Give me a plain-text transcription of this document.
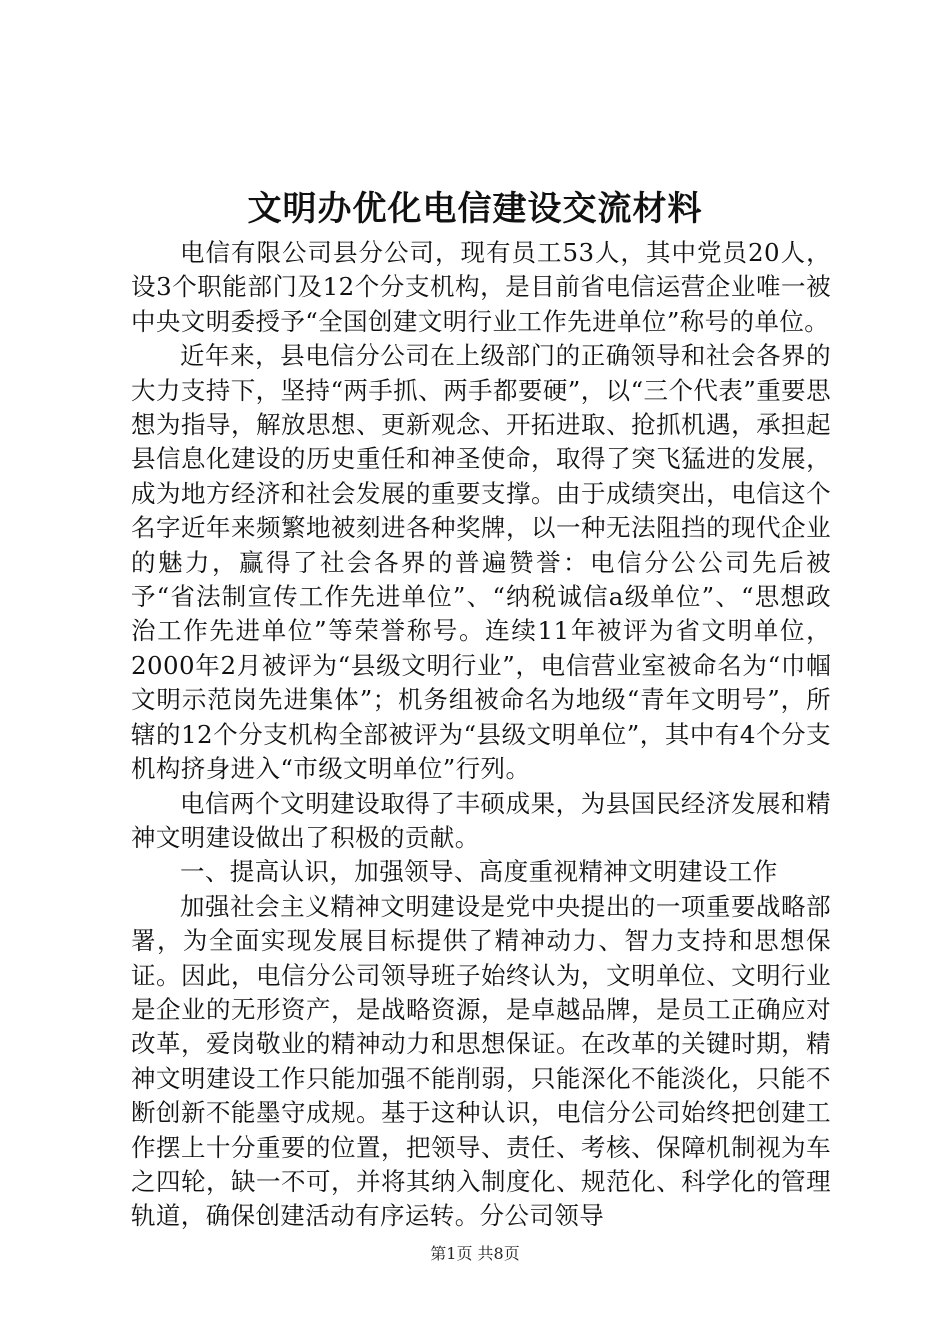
文明办优化电信建设交流材料

电信有限公司县分公司，现有员工53人，其中党员20人，设3个职能部门及12个分支机构，是目前省电信运营企业唯一被中央文明委授予“全国创建文明行业工作先进单位”称号的单位。

近年来，县电信分公司在上级部门的正确领导和社会各界的大力支持下，坚持“两手抓、两手都要硬”，以“三个代表”重要思想为指导，解放思想、更新观念、开拓进取、抢抓机遇，承担起县信息化建设的历史重任和神圣使命，取得了突飞猛进的发展，成为地方经济和社会发展的重要支撑。由于成绩突出，电信这个名字近年来频繁地被刻进各种奖牌，以一种无法阻挡的现代企业的魅力，赢得了社会各界的普遍赞誉：电信分公公司先后被予“省法制宣传工作先进单位”、“纳税诚信a级单位”、“思想政治工作先进单位”等荣誉称号。连续11年被评为省文明单位，2000年2月被评为“县级文明行业”，电信营业室被命名为“巾帼文明示范岗先进集体”；机务组被命名为地级“青年文明号”，所辖的12个分支机构全部被评为“县级文明单位”，其中有4个分支机构挤身进入“市级文明单位”行列。

电信两个文明建设取得了丰硕成果，为县国民经济发展和精神文明建设做出了积极的贡献。

一、提高认识，加强领导、高度重视精神文明建设工作

加强社会主义精神文明建设是党中央提出的一项重要战略部署，为全面实现发展目标提供了精神动力、智力支持和思想保证。因此，电信分公司领导班子始终认为，文明单位、文明行业是企业的无形资产，是战略资源，是卓越品牌，是员工正确应对改革，爱岗敬业的精神动力和思想保证。在改革的关键时期，精神文明建设工作只能加强不能削弱，只能深化不能淡化，只能不断创新不能墨守成规。基于这种认识，电信分公司始终把创建工作摆上十分重要的位置，把领导、责任、考核、保障机制视为车之四轮，缺一不可，并将其纳入制度化、规范化、科学化的管理轨道，确保创建活动有序运转。分公司领导

第1页 共8页
